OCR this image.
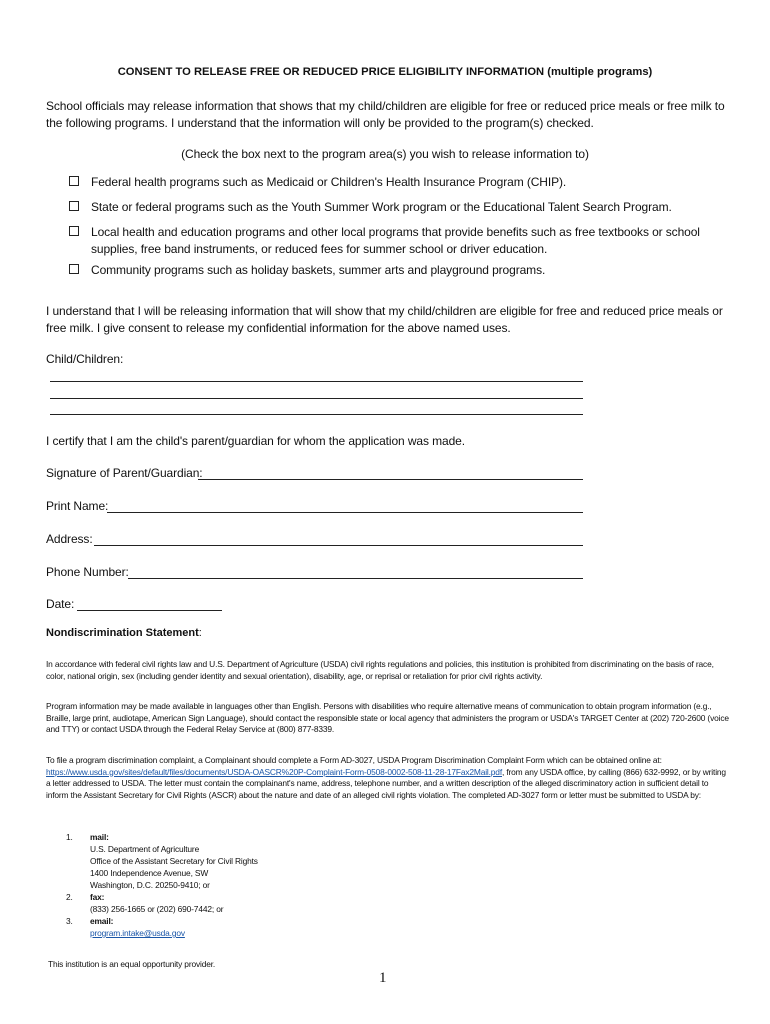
CONSENT TO RELEASE FREE OR REDUCED PRICE ELIGIBILITY INFORMATION (multiple programs)
School officials may release information that shows that my child/children are eligible for free or reduced price meals or free milk to the following programs. I understand that the information will only be provided to the program(s) checked.
(Check the box next to the program area(s) you wish to release information to)
Federal health programs such as Medicaid or Children's Health Insurance Program (CHIP).
State or federal programs such as the Youth Summer Work program or the Educational Talent Search Program.
Local health and education programs and other local programs that provide benefits such as free textbooks or school supplies, free band instruments, or reduced fees for summer school or driver education.
Community programs such as holiday baskets, summer arts and playground programs.
I understand that I will be releasing information that will show that my child/children are eligible for free and reduced price meals or free milk. I give consent to release my confidential information for the above named uses.
Child/Children:
I certify that I am the child's parent/guardian for whom the application was made.
Signature of Parent/Guardian:
Print Name:
Address:
Phone Number:
Date:
Nondiscrimination Statement:
In accordance with federal civil rights law and U.S. Department of Agriculture (USDA) civil rights regulations and policies, this institution is prohibited from discriminating on the basis of race, color, national origin, sex (including gender identity and sexual orientation), disability, age, or reprisal or retaliation for prior civil rights activity.
Program information may be made available in languages other than English. Persons with disabilities who require alternative means of communication to obtain program information (e.g., Braille, large print, audiotape, American Sign Language), should contact the responsible state or local agency that administers the program or USDA's TARGET Center at (202) 720-2600 (voice and TTY) or contact USDA through the Federal Relay Service at (800) 877-8339.
To file a program discrimination complaint, a Complainant should complete a Form AD-3027, USDA Program Discrimination Complaint Form which can be obtained online at: https://www.usda.gov/sites/default/files/documents/USDA-OASCR%20P-Complaint-Form-0508-0002-508-11-28-17Fax2Mail.pdf, from any USDA office, by calling (866) 632-9992, or by writing a letter addressed to USDA. The letter must contain the complainant's name, address, telephone number, and a written description of the alleged discriminatory action in sufficient detail to inform the Assistant Secretary for Civil Rights (ASCR) about the nature and date of an alleged civil rights violation. The completed AD-3027 form or letter must be submitted to USDA by:
1. mail:
U.S. Department of Agriculture
Office of the Assistant Secretary for Civil Rights
1400 Independence Avenue, SW
Washington, D.C. 20250-9410; or
2. fax:
(833) 256-1665 or (202) 690-7442; or
3. email:
program.intake@usda.gov
This institution is an equal opportunity provider.
1
